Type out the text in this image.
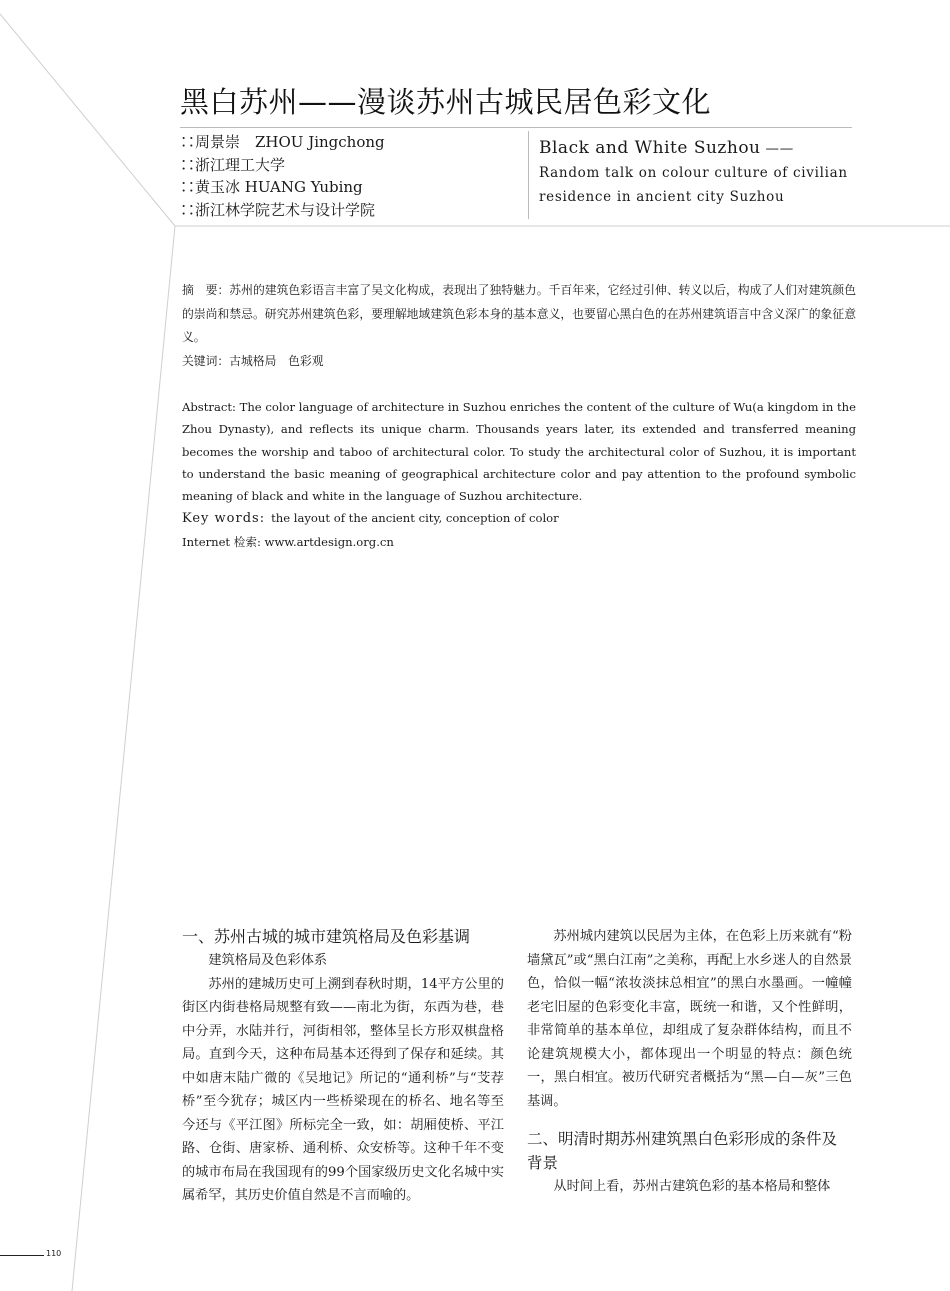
黑白苏州——漫谈苏州古城民居色彩文化
∷周景崇　ZHOU Jingchong
∷浙江理工大学
∷黄玉冰 HUANG Yubing
∷浙江林学院艺术与设计学院
Black and White Suzhou —— Random talk on colour culture of civilian residence in ancient city Suzhou

摘　要：苏州的建筑色彩语言丰富了吴文化构成，表现出了独特魅力。千百年来，它经过引伸、转义以后，构成了人们对建筑颜色的崇尚和禁忌。研究苏州建筑色彩，要理解地域建筑色彩本身的基本意义，也要留心黑白色的在苏州建筑语言中含义深广的象征意义。

关键词：古城格局　色彩观

Abstract: The color language of architecture in Suzhou enriches the content of the culture of Wu(a kingdom in the Zhou Dynasty), and reflects its unique charm. Thousands years later, its extended and transferred meaning becomes the worship and taboo of architectural color. To study the architectural color of Suzhou, it is important to understand the basic meaning of geographical architecture color and pay attention to the profound symbolic meaning of black and white in the language of Suzhou architecture.

Key words: the layout of the ancient city, conception of color

Internet 检索: www.artdesign.org.cn

一、苏州古城的城市建筑格局及色彩基调
建筑格局及色彩体系

苏州的建城历史可上溯到春秋时期，14平方公里的街区内街巷格局规整有致——南北为街，东西为巷，巷中分弄，水陆并行，河街相邻，整体呈长方形双棋盘格局。直到今天，这种布局基本还得到了保存和延续。其中如唐末陆广微的《吴地记》所记的“通利桥”与“芠荐桥”至今犹存；城区内一些桥梁现在的桥名、地名等至今还与《平江图》所标完全一致，如：胡厢使桥、平江路、仓街、唐家桥、通利桥、众安桥等。这种千年不变的城市布局在我国现有的99个国家级历史文化名城中实属希罕，其历史价值自然是不言而喻的。

苏州城内建筑以民居为主体，在色彩上历来就有“粉墙黛瓦”或“黑白江南”之美称，再配上水乡迷人的自然景色，恰似一幅“浓妆淡抹总相宜”的黑白水墨画。一幢幢老宅旧屋的色彩变化丰富，既统一和谐，又个性鲜明，非常简单的基本单位，却组成了复杂群体结构，而且不论建筑规模大小，都体现出一个明显的特点：颜色统一，黑白相宜。被历代研究者概括为“黑—白—灰”三色基调。

二、明清时期苏州建筑黑白色彩形成的条件及背景

从时间上看，苏州古建筑色彩的基本格局和整体

110
